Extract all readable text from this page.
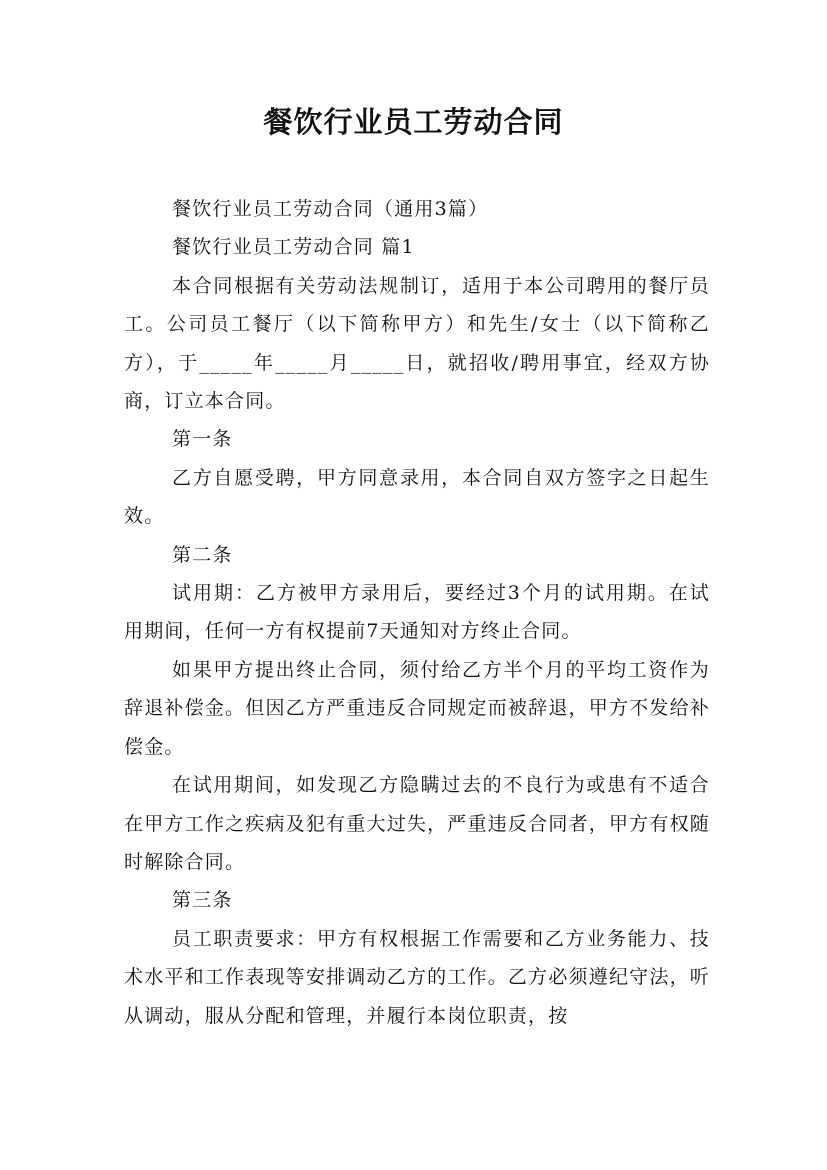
餐饮行业员工劳动合同

餐饮行业员工劳动合同（通用3篇）

餐饮行业员工劳动合同 篇1

本合同根据有关劳动法规制订，适用于本公司聘用的餐厅员工。公司员工餐厅（以下简称甲方）和先生/女士（以下简称乙方），于_____年_____月_____日，就招收/聘用事宜，经双方协商，订立本合同。

第一条

乙方自愿受聘，甲方同意录用，本合同自双方签字之日起生效。

第二条

试用期：乙方被甲方录用后，要经过3个月的试用期。在试用期间，任何一方有权提前7天通知对方终止合同。

如果甲方提出终止合同，须付给乙方半个月的平均工资作为辞退补偿金。但因乙方严重违反合同规定而被辞退，甲方不发给补偿金。

在试用期间，如发现乙方隐瞒过去的不良行为或患有不适合在甲方工作之疾病及犯有重大过失，严重违反合同者，甲方有权随时解除合同。

第三条

员工职责要求：甲方有权根据工作需要和乙方业务能力、技术水平和工作表现等安排调动乙方的工作。乙方必须遵纪守法，听从调动，服从分配和管理，并履行本岗位职责，按
